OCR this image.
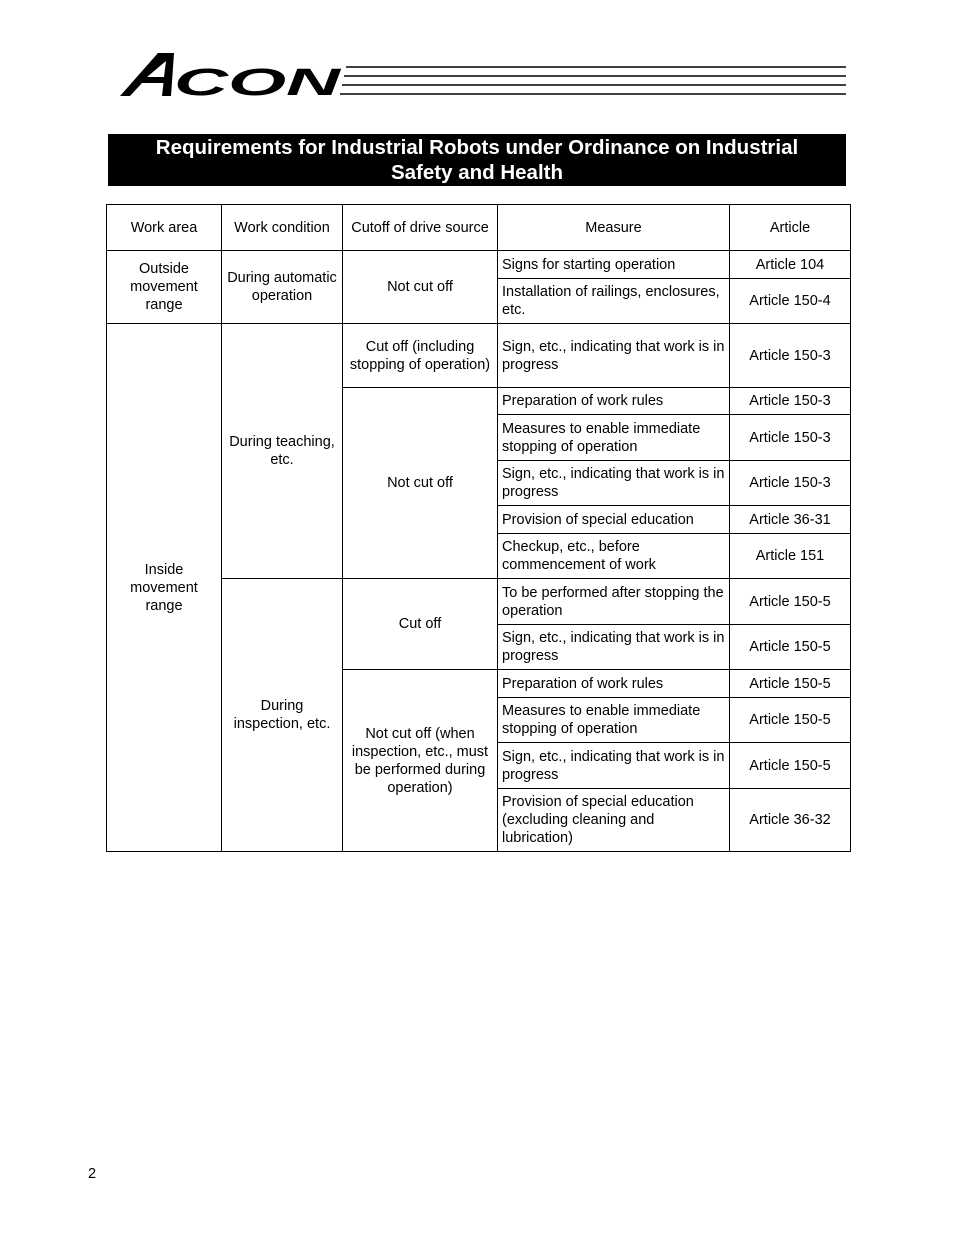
CON
Requirements for Industrial Robots under Ordinance on Industrial
Safety and Health
Work area	Work condition	Cutoff of drive source	Measure	Article
Outside movement range	During automatic operation	Not cut off	Signs for starting operation	Article 104
			Installation of railings, enclosures, etc.	Article 150-4
Inside movement range	During teaching, etc.	Cut off (including stopping of operation)	Sign, etc., indicating that work is in progress	Article 150-3
		Not cut off	Preparation of work rules	Article 150-3
			Measures to enable immediate stopping of operation	Article 150-3
			Sign, etc., indicating that work is in progress	Article 150-3
			Provision of special education	Article 36-31
			Checkup, etc., before commencement of work	Article 151
	During inspection, etc.	Cut off	To be performed after stopping the operation	Article 150-5
			Sign, etc., indicating that work is in progress	Article 150-5
		Not cut off (when inspection, etc., must be performed during operation)	Preparation of work rules	Article 150-5
			Measures to enable immediate stopping of operation	Article 150-5
			Sign, etc., indicating that work is in progress	Article 150-5
			Provision of special education (excluding cleaning and lubrication)	Article 36-32
2
